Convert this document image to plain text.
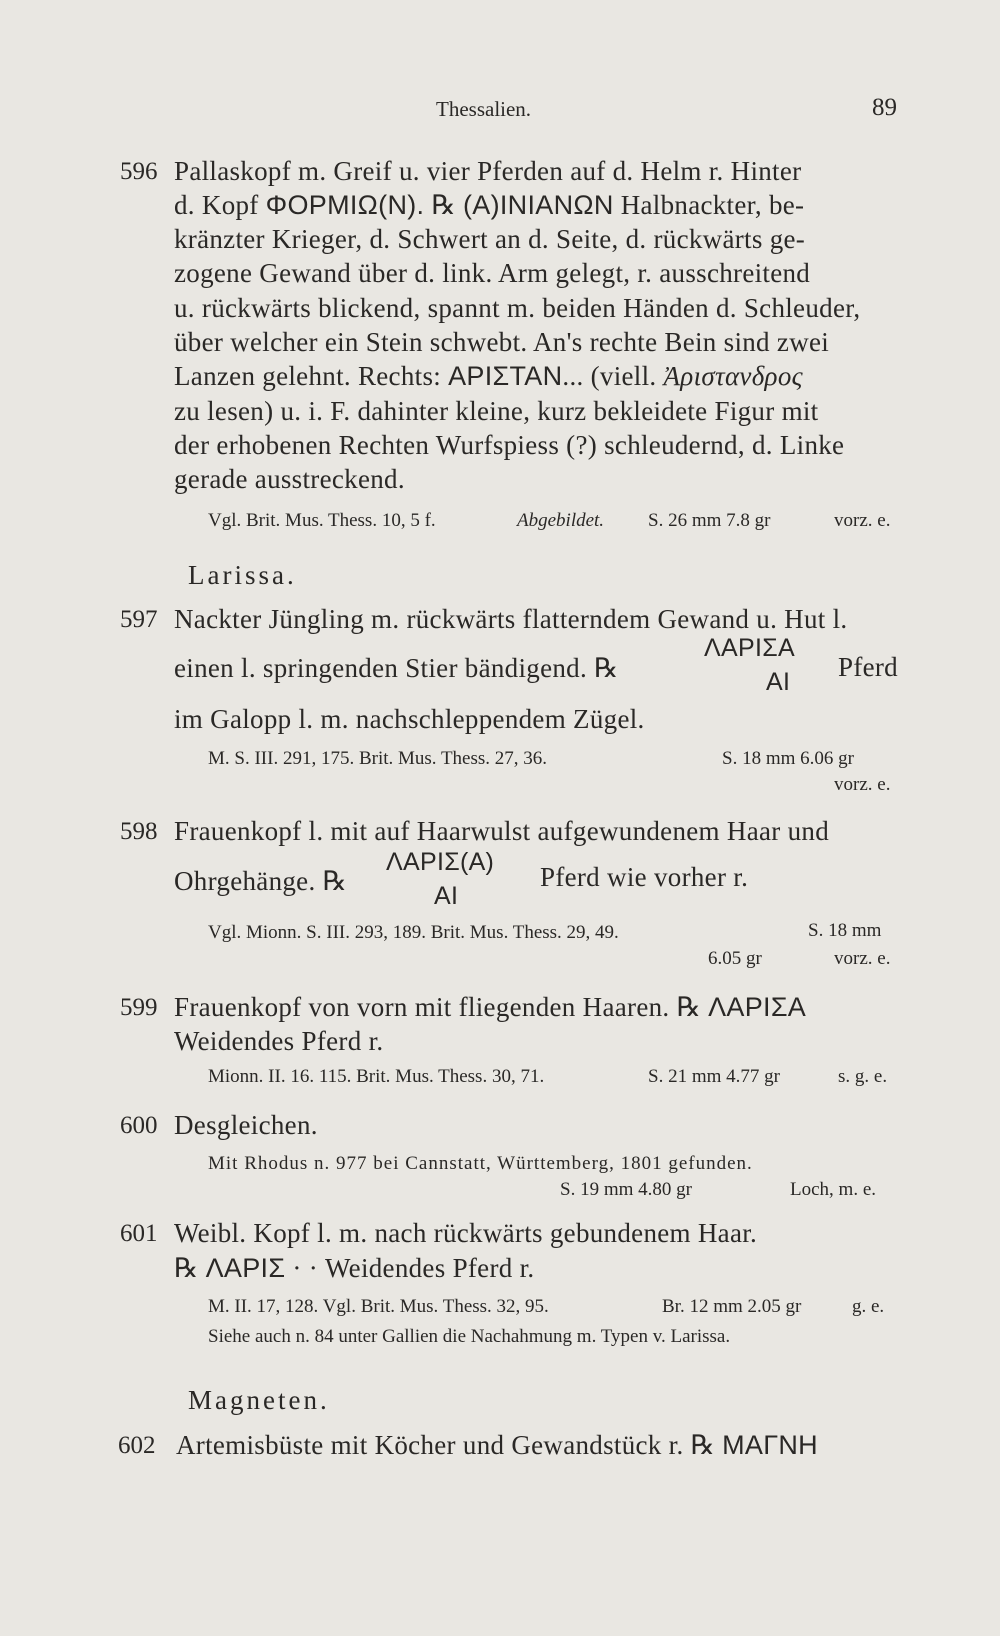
Thessalien.	89
596 Pallaskopf m. Greif u. vier Pferden auf d. Helm r. Hinter
d. Kopf ΦΟΡΜΙΩ(Ν). ℞ (Α)ΙΝΙΑΝΩΝ Halbnackter, be-
kränzter Krieger, d. Schwert an d. Seite, d. rückwärts ge-
zogene Gewand über d. link. Arm gelegt, r. ausschreitend
u. rückwärts blickend, spannt m. beiden Händen d. Schleuder,
über welcher ein Stein schwebt. An's rechte Bein sind zwei
Lanzen gelehnt. Rechts: ΑΡΙΣΤΑΝ... (viell. Ἀριστανδρος
zu lesen) u. i. F. dahinter kleine, kurz bekleidete Figur mit
der erhobenen Rechten Wurfspiess (?) schleudernd, d. Linke
gerade ausstreckend.
Vgl. Brit. Mus. Thess. 10, 5 f.	Abgebildet. S. 26 mm 7.8 gr	vorz. e.
Larissa.
597 Nackter Jüngling m. rückwärts flatterndem Gewand u. Hut l.
einen l. springenden Stier bändigend. ℞
ΛΑΡΙΣΑ
ΑΙ Pferd
im Galopp l. m. nachschleppendem Zügel.
M. S. III. 291, 175. Brit. Mus. Thess. 27, 36.	S. 18 mm 6.06 gr
vorz. e.
598 Frauenkopf l. mit auf Haarwulst aufgewundenem Haar und
Ohrgehänge. ℞
ΛΑΡΙΣ(Α)
ΑΙ
Pferd wie vorher r.
Vgl. Mionn. S. III. 293, 189. Brit. Mus. Thess. 29, 49.	S. 18 mm
6.05 gr	vorz. e.
599 Frauenkopf von vorn mit fliegenden Haaren. ℞ ΛΑΡΙΣΑ
Weidendes Pferd r.
Mionn. II. 16. 115. Brit. Mus. Thess. 30, 71.	S. 21 mm 4.77 gr	s. g. e.
600 Desgleichen.
Mit Rhodus n. 977 bei Cannstatt, Württemberg, 1801 gefunden.
S. 19 mm 4.80 gr	Loch, m. e.
601 Weibl. Kopf l. m. nach rückwärts gebundenem Haar.
℞ ΛΑΡΙΣ · · Weidendes Pferd r.
M. II. 17, 128. Vgl. Brit. Mus. Thess. 32, 95.	Br. 12 mm 2.05 gr	g. e.
Siehe auch n. 84 unter Gallien die Nachahmung m. Typen v. Larissa.
Magneten.
602 Artemisbüste mit Köcher und Gewandstück r. ℞ ΜΑΓΝΗ
